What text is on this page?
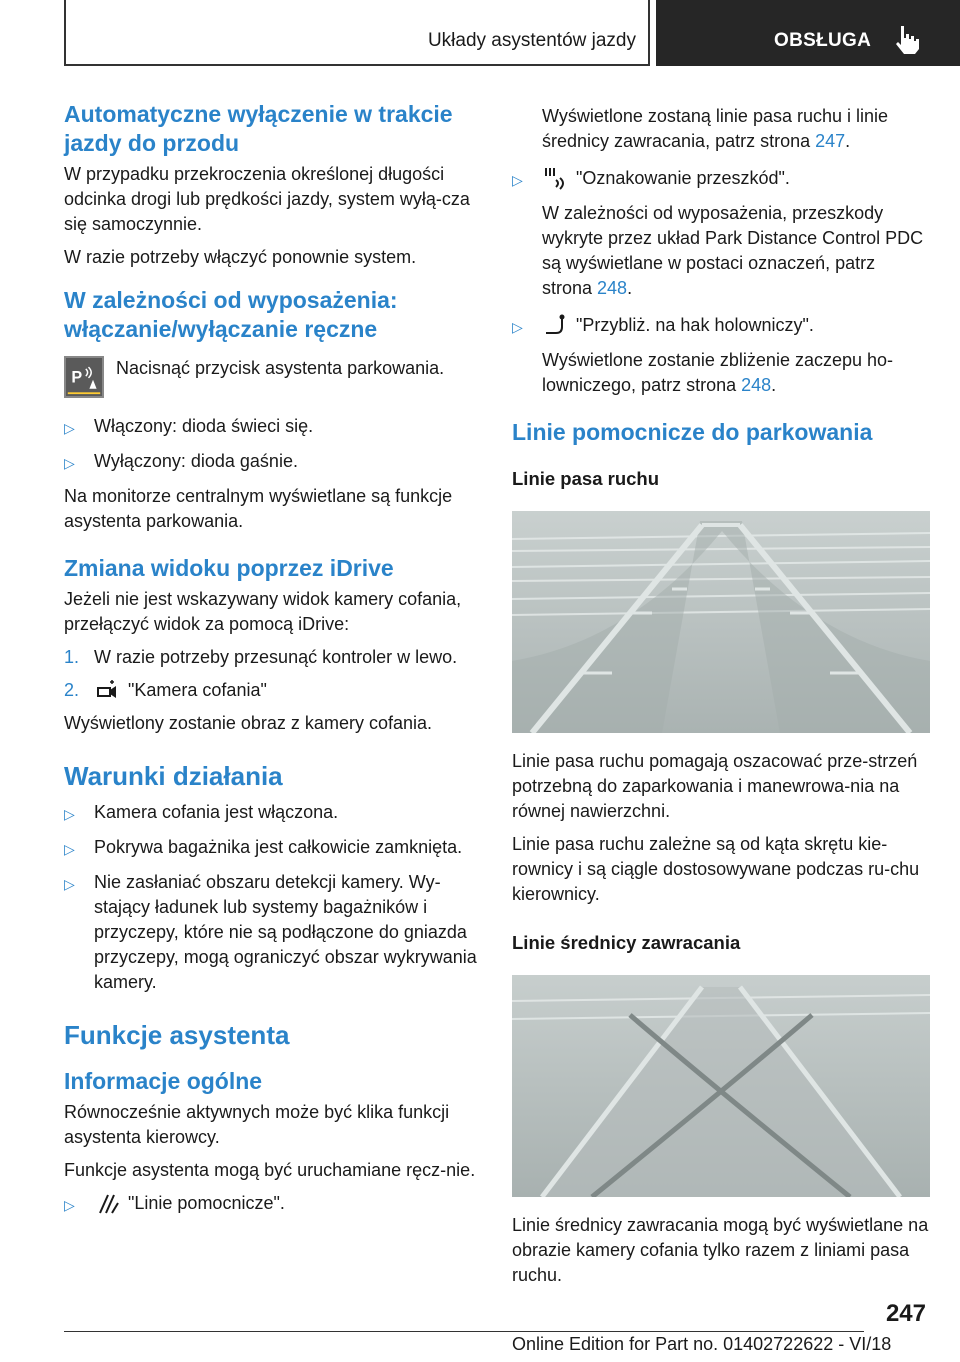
Układy asystentów jazdy	OBSŁUGA
Automatyczne wyłączenie w trakcie jazdy do przodu

W przypadku przekroczenia określonej długości odcinka drogi lub prędkości jazdy, system wyłą-cza się samoczynnie.

W razie potrzeby włączyć ponownie system.

W zależności od wyposażenia: włączanie/wyłączanie ręczne
P Nacisnąć przycisk asystenta parkowania.

▷	Włączony: dioda świeci się.
▷	Wyłączony: dioda gaśnie.

Na monitorze centralnym wyświetlane są funkcje asystenta parkowania.

Zmiana widoku poprzez iDrive

Jeżeli nie jest wskazywany widok kamery cofania, przełączyć widok za pomocą iDrive:

1. W razie potrzeby przesunąć kontroler w lewo.
2.	"Kamera cofania"

Wyświetlony zostanie obraz z kamery cofania.

Warunki działania
▷	Kamera cofania jest włączona.
▷	Pokrywa bagażnika jest całkowicie zamknięta.
▷	Nie zasłaniać obszaru detekcji kamery. Wy-stający ładunek lub systemy bagażników i przyczepy, które nie są podłączone do gniazda przyczepy, mogą ograniczyć obszar wykrywania kamery.
Funkcje asystenta
Informacje ogólne

Równocześnie aktywnych może być klika funkcji asystenta kierowcy.

Funkcje asystenta mogą być uruchamiane ręcz-nie.

▷	"Linie pomocnicze".

Wyświetlone zostaną linie pasa ruchu i linie średnicy zawracania, patrz strona 247.

▷	"Oznakowanie przeszkód".

W zależności od wyposażenia, przeszkody wykryte przez układ Park Distance Control PDC są wyświetlane w postaci oznaczeń, patrz strona 248.

▷	"Przybliż. na hak holowniczy".

Wyświetlone zostanie zbliżenie zaczepu ho-lowniczego, patrz strona 248.

Linie pomocnicze do parkowania
Linie pasa ruchu

Linie pasa ruchu pomagają oszacować prze-strzeń potrzebną do zaparkowania i manewrowa-nia na równej nawierzchni.

Linie pasa ruchu zależne są od kąta skrętu kie-rownicy i są ciągle dostosowywane podczas ru-chu kierownicy.

Linie średnicy zawracania

Linie średnicy zawracania mogą być wyświetlane na obrazie kamery cofania tylko razem z liniami pasa ruchu.

247
Online Edition for Part no. 01402722622 - VI/18
